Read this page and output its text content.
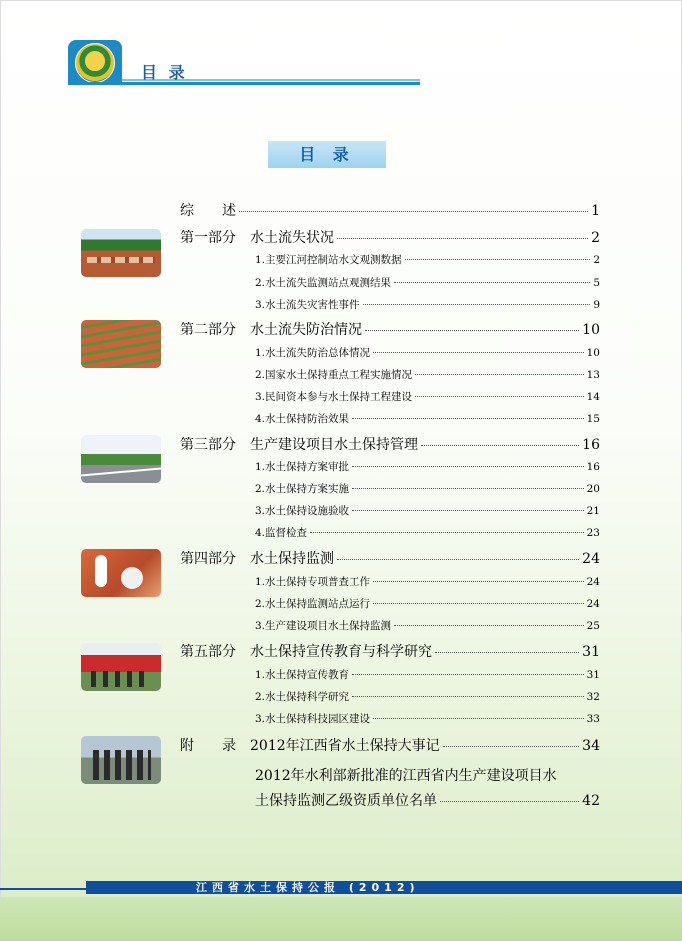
目 录
目 录
综　　述	1
第一部分 水土流失状况	2
1.主要江河控制站水文观测数据	2
2.水土流失监测站点观测结果	5
3.水土流失灾害性事件	9
第二部分 水土流失防治情况	10
1.水土流失防治总体情况	10
2.国家水土保持重点工程实施情况	13
3.民间资本参与水土保持工程建设	14
4.水土保持防治效果	15
第三部分 生产建设项目水土保持管理	16
1.水土保持方案审批	16
2.水土保持方案实施	20
3.水土保持设施验收	21
4.监督检查	23
第四部分 水土保持监测	24
1.水土保持专项普查工作	24
2.水土保持监测站点运行	24
3.生产建设项目水土保持监测	25
第五部分 水土保持宣传教育与科学研究	31
1.水土保持宣传教育	31
2.水土保持科学研究	32
3.水土保持科技园区建设	33
附　　录 2012年江西省水土保持大事记	34
2012年水利部新批准的江西省内生产建设项目水
土保持监测乙级资质单位名单	42
江西省水土保持公报 (2012)
